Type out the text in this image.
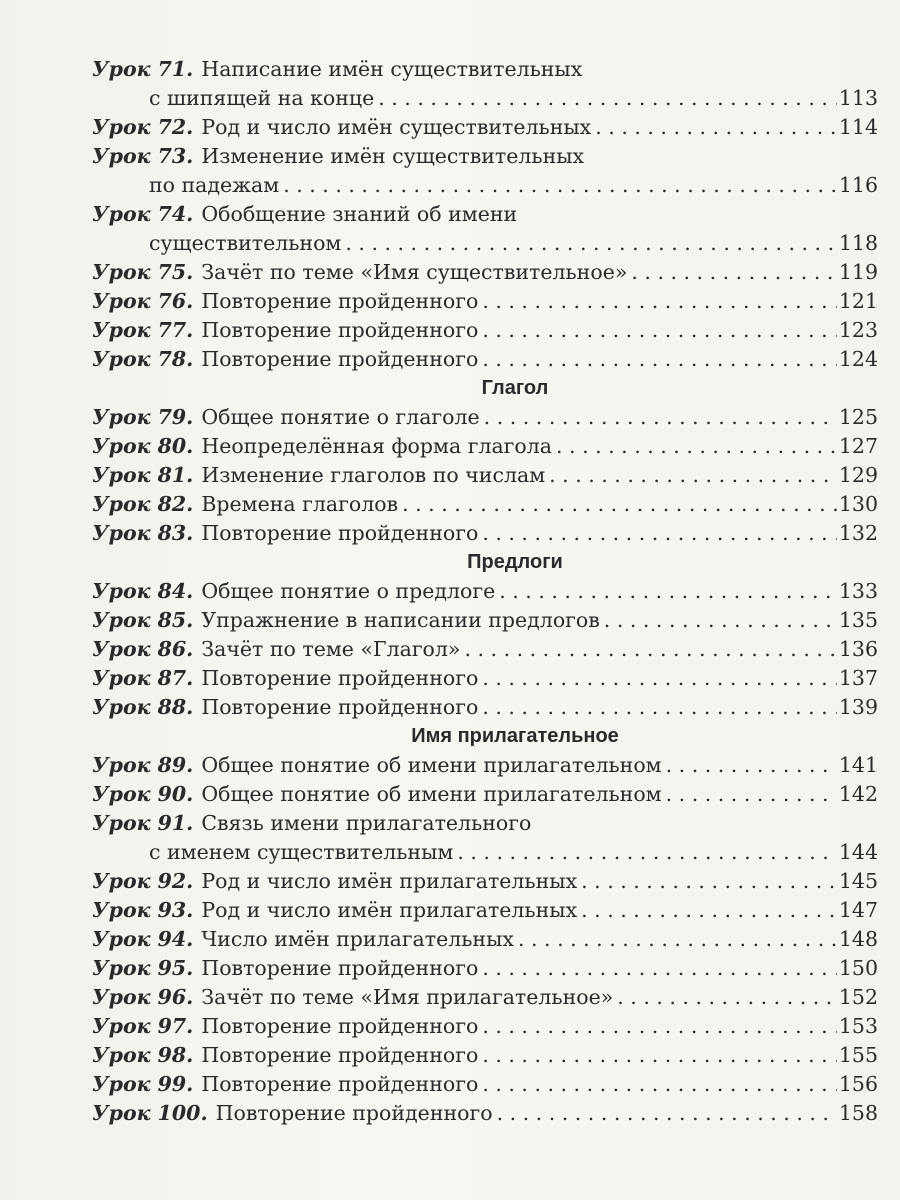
Урок 71. Написание имён существительных
с шипящей на конце . . .	113
Урок 72. Род и число имён существительных . . .	114
Урок 73. Изменение имён существительных
по падежам . . .	116
Урок 74. Обобщение знаний об имени
существительном . . .	118
Урок 75. Зачёт по теме «Имя существительное» . . .	119
Урок 76. Повторение пройденного . . .	121
Урок 77. Повторение пройденного . . .	123
Урок 78. Повторение пройденного . . .	124
Глагол
Урок 79. Общее понятие о глаголе . . .	125
Урок 80. Неопределённая форма глагола . . .	127
Урок 81. Изменение глаголов по числам . . .	129
Урок 82. Времена глаголов . . .	130
Урок 83. Повторение пройденного . . .	132
Предлоги
Урок 84. Общее понятие о предлоге . . .	133
Урок 85. Упражнение в написании предлогов . . .	135
Урок 86. Зачёт по теме «Глагол» . . .	136
Урок 87. Повторение пройденного . . .	137
Урок 88. Повторение пройденного . . .	139
Имя прилагательное
Урок 89. Общее понятие об имени прилагательном . . .	141
Урок 90. Общее понятие об имени прилагательном . . .	142
Урок 91. Связь имени прилагательного
с именем существительным . . .	144
Урок 92. Род и число имён прилагательных . . .	145
Урок 93. Род и число имён прилагательных . . .	147
Урок 94. Число имён прилагательных . . .	148
Урок 95. Повторение пройденного . . .	150
Урок 96. Зачёт по теме «Имя прилагательное» . . .	152
Урок 97. Повторение пройденного . . .	153
Урок 98. Повторение пройденного . . .	155
Урок 99. Повторение пройденного . . .	156
Урок 100. Повторение пройденного . . .	158
